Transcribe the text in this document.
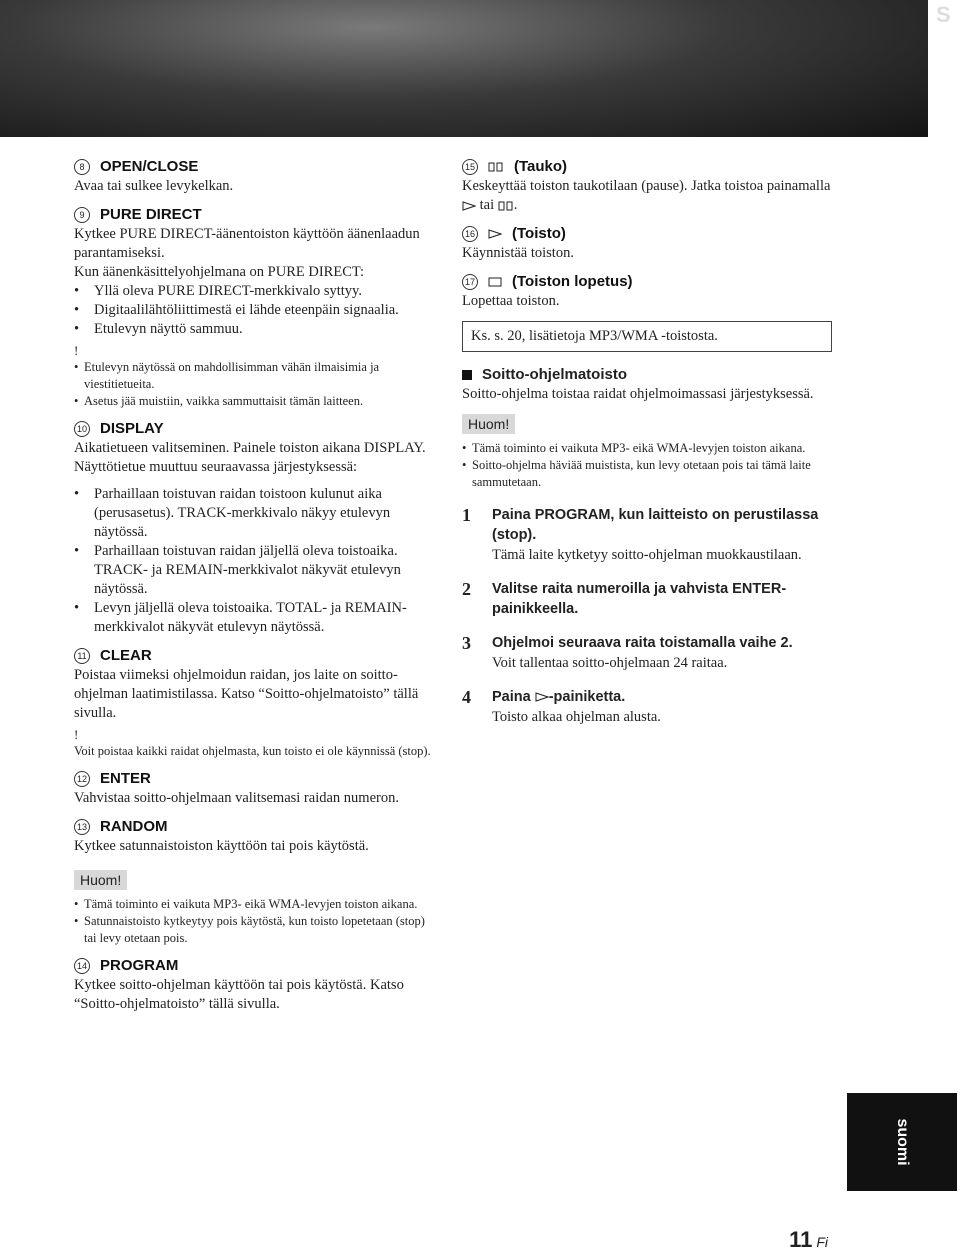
S
8	OPEN/CLOSE

Avaa tai sulkee levykelkan.

9	PURE DIRECT

Kytkee PURE DIRECT-äänentoiston käyttöön äänenlaadun parantamiseksi.

Kun äänenkäsittelyohjelmana on PURE DIRECT:

• Yllä oleva PURE DIRECT-merkkivalo syttyy.
• Digitaalilähtöliittimestä ei lähde eteenpäin signaalia.
• Etulevyn näyttö sammuu.
!
• Etulevyn näytössä on mahdollisimman vähän ilmaisimia ja viestitietueita.
• Asetus jää muistiin, vaikka sammuttaisit tämän laitteen.
10 DISPLAY

Aikatietueen valitseminen. Painele toiston aikana DISPLAY. Näyttötietue muuttuu seuraavassa järjestyksessä:

• Parhaillaan toistuvan raidan toistoon kulunut aika (perusasetus). TRACK-merkkivalo näkyy etulevyn näytössä.
• Parhaillaan toistuvan raidan jäljellä oleva toistoaika. TRACK- ja REMAIN-merkkivalot näkyvät etulevyn näytössä.
• Levyn jäljellä oleva toistoaika. TOTAL- ja REMAIN-merkkivalot näkyvät etulevyn näytössä.
11 CLEAR

Poistaa viimeksi ohjelmoidun raidan, jos laite on soitto-ohjelman laatimistilassa. Katso “Soitto-ohjelmatoisto” tällä sivulla.

!
Voit poistaa kaikki raidat ohjelmasta, kun toisto ei ole käynnissä (stop).
12 ENTER

Vahvistaa soitto-ohjelmaan valitsemasi raidan numeron.

13 RANDOM

Kytkee satunnaistoiston käyttöön tai pois käytöstä.

Huom!
• Tämä toiminto ei vaikuta MP3- eikä WMA-levyjen toiston aikana.
• Satunnaistoisto kytkeytyy pois käytöstä, kun toisto lopetetaan (stop) tai levy otetaan pois.
14 PROGRAM

Kytkee soitto-ohjelman käyttöön tai pois käytöstä. Katso “Soitto-ohjelmatoisto” tällä sivulla.

15	(Tauko)

Keskeyttää toiston taukotilaan (pause). Jatka toistoa painamalla  tai .

16 (Toisto)

Käynnistää toiston.

17 (Toiston lopetus)

Lopettaa toiston.

Ks. s. 20, lisätietoja MP3/WMA -toistosta.
Soitto-ohjelmatoisto

Soitto-ohjelma toistaa raidat ohjelmoimassasi järjestyksessä.

Huom!
• Tämä toiminto ei vaikuta MP3- eikä WMA-levyjen toiston aikana.
• Soitto-ohjelma häviää muistista, kun levy otetaan pois tai tämä laite sammutetaan.
1	Paina PROGRAM, kun laitteisto on perustilassa (stop).
Tämä laite kytketyy soitto-ohjelman muokkaustilaan.
2	Valitse raita numeroilla ja vahvista ENTER-painikkeella.
3	Ohjelmoi seuraava raita toistamalla vaihe 2.
Voit tallentaa soitto-ohjelmaan 24 raitaa.
4	Paina -painiketta.
Toisto alkaa ohjelman alusta.
suomi
11 Fi
